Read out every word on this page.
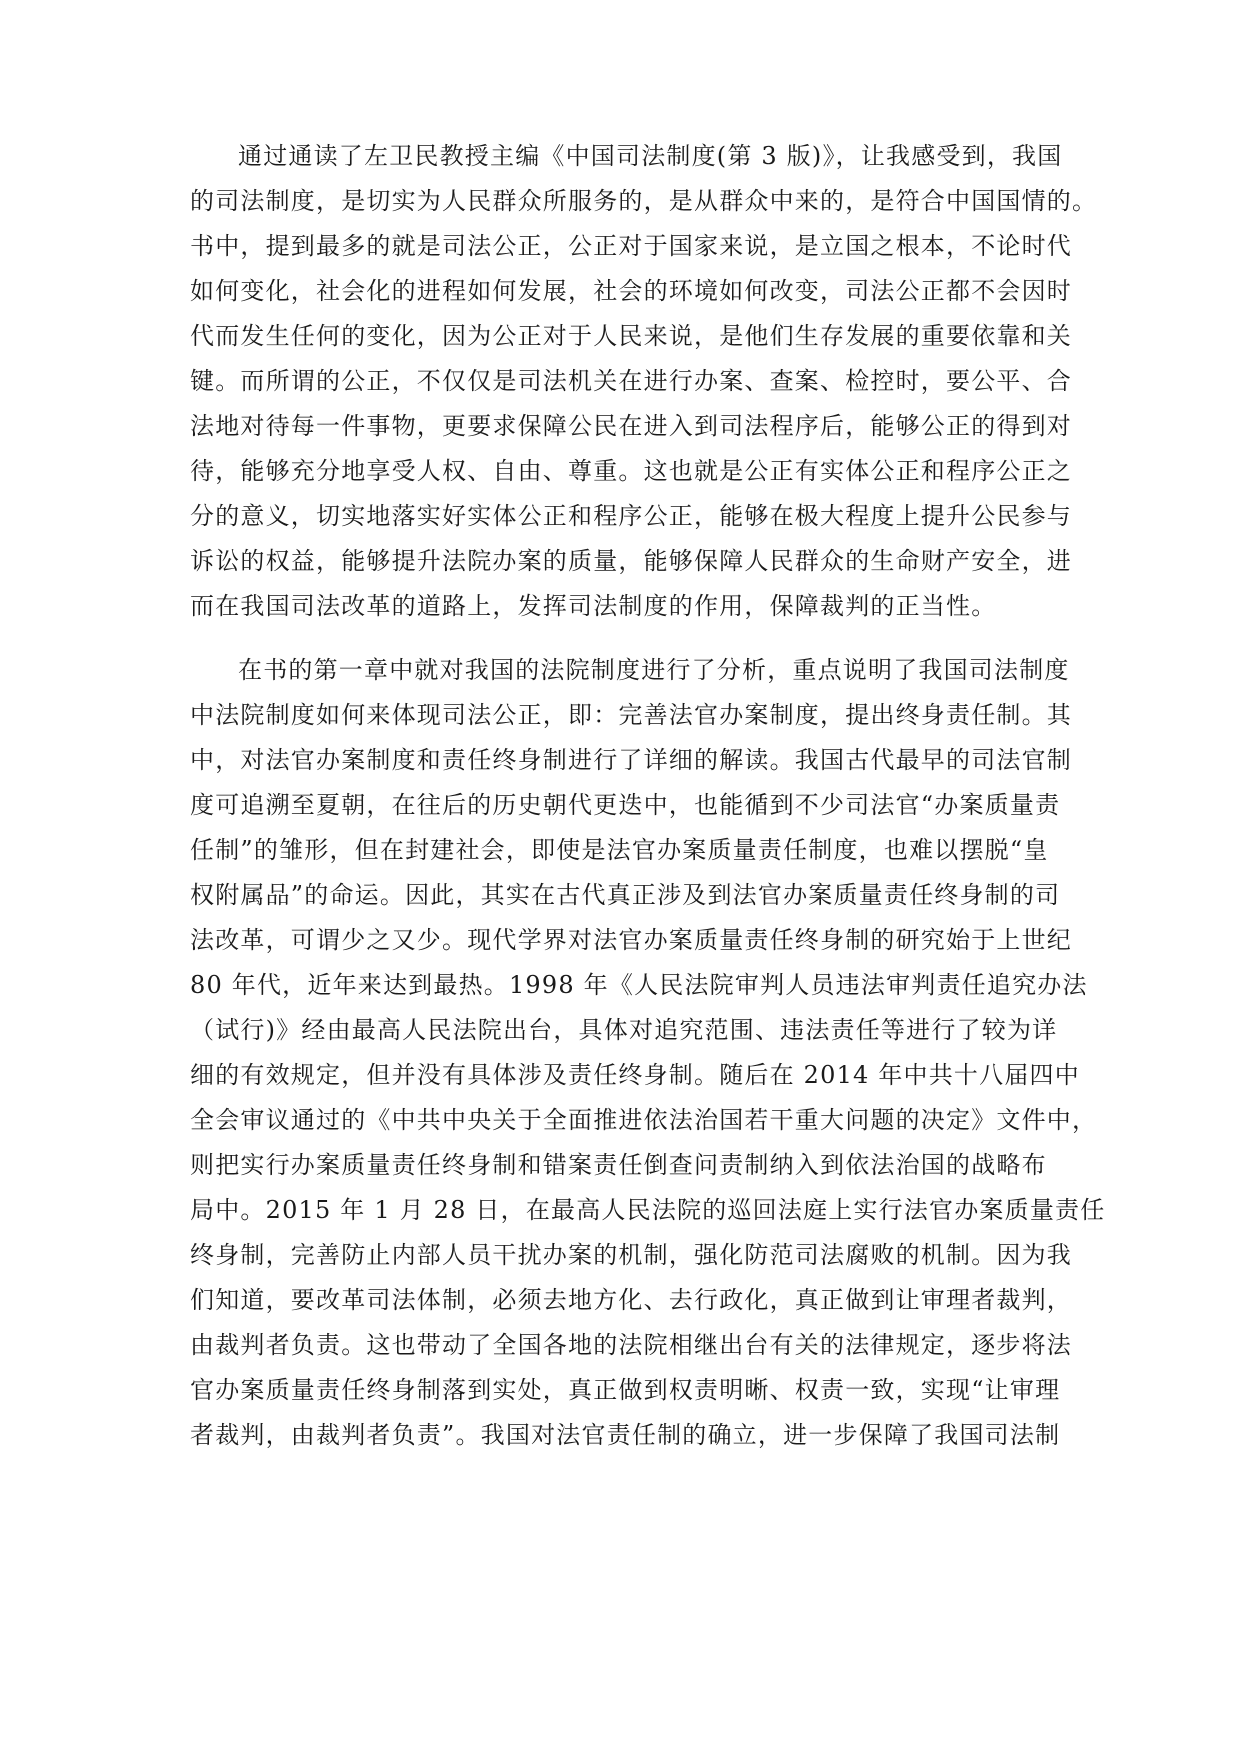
通过通读了左卫民教授主编《中国司法制度(第 3 版)》，让我感受到，我国
的司法制度，是切实为人民群众所服务的，是从群众中来的，是符合中国国情的。
书中，提到最多的就是司法公正，公正对于国家来说，是立国之根本，不论时代
如何变化，社会化的进程如何发展，社会的环境如何改变，司法公正都不会因时
代而发生任何的变化，因为公正对于人民来说，是他们生存发展的重要依靠和关
键。而所谓的公正，不仅仅是司法机关在进行办案、查案、检控时，要公平、合
法地对待每一件事物，更要求保障公民在进入到司法程序后，能够公正的得到对
待，能够充分地享受人权、自由、尊重。这也就是公正有实体公正和程序公正之
分的意义，切实地落实好实体公正和程序公正，能够在极大程度上提升公民参与
诉讼的权益，能够提升法院办案的质量，能够保障人民群众的生命财产安全，进
而在我国司法改革的道路上，发挥司法制度的作用，保障裁判的正当性。
在书的第一章中就对我国的法院制度进行了分析，重点说明了我国司法制度
中法院制度如何来体现司法公正，即：完善法官办案制度，提出终身责任制。其
中，对法官办案制度和责任终身制进行了详细的解读。我国古代最早的司法官制
度可追溯至夏朝，在往后的历史朝代更迭中，也能循到不少司法官“办案质量责
任制”的雏形，但在封建社会，即使是法官办案质量责任制度，也难以摆脱“皇
权附属品”的命运。因此，其实在古代真正涉及到法官办案质量责任终身制的司
法改革，可谓少之又少。现代学界对法官办案质量责任终身制的研究始于上世纪
80 年代，近年来达到最热。1998 年《人民法院审判人员违法审判责任追究办法
（试行)》经由最高人民法院出台，具体对追究范围、违法责任等进行了较为详
细的有效规定，但并没有具体涉及责任终身制。随后在 2014 年中共十八届四中
全会审议通过的《中共中央关于全面推进依法治国若干重大问题的决定》文件中，
则把实行办案质量责任终身制和错案责任倒查问责制纳入到依法治国的战略布
局中。2015 年 1 月 28 日，在最高人民法院的巡回法庭上实行法官办案质量责任
终身制，完善防止内部人员干扰办案的机制，强化防范司法腐败的机制。因为我
们知道，要改革司法体制，必须去地方化、去行政化，真正做到让审理者裁判，
由裁判者负责。这也带动了全国各地的法院相继出台有关的法律规定，逐步将法
官办案质量责任终身制落到实处，真正做到权责明晰、权责一致，实现“让审理
者裁判，由裁判者负责”。我国对法官责任制的确立，进一步保障了我国司法制
